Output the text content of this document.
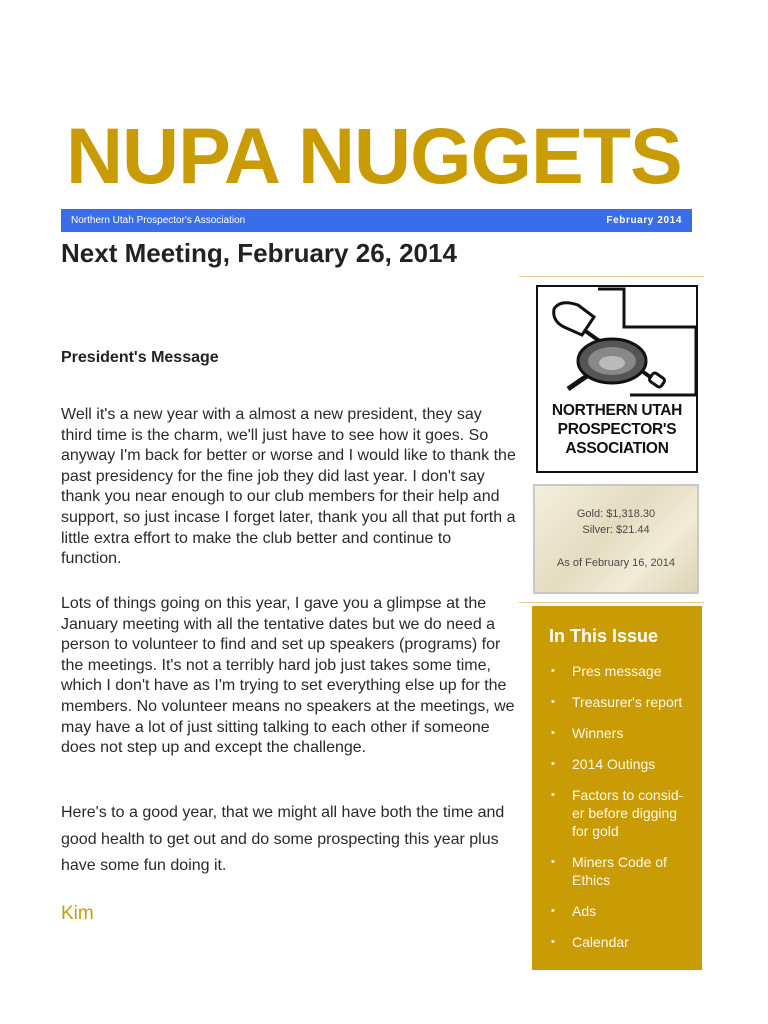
NUPA NUGGETS
Northern Utah Prospector's Association	February 2014
Next Meeting, February 26, 2014
President's Message

Well it's a new year with a almost a new president, they say third time is the charm, we'll just have to see how it goes. So anyway I'm back for better or worse and I would like to thank the past presidency for the fine job they did last year. I don't say thank you near enough to our club members for their help and support, so just incase I forget later, thank you all that put forth a little extra effort to make the club better and continue to function.

Lots of things going on this year, I gave you a glimpse at the January meeting with all the tentative dates but we do need a person to volunteer to find and set up speakers (programs) for the meetings. It's not a terribly hard job just takes some time, which I don't have as I'm trying to set everything else up for the members. No volunteer means no speakers at the meetings, we may have a lot of just sitting talking to each other if someone does not step up and except the challenge.

Here's to a good year, that we might all have both the time and good health to get out and do some prospecting this year plus have some fun doing it.

Kim
NORTHERN UTAH
PROSPECTOR'S
ASSOCIATION
Gold: $1,318.30
Silver: $21.44
As of February 16, 2014
In This Issue
• Pres message
• Treasurer's report
• Winners
• 2014 Outings
• Factors to consid-er before digging for gold
• Miners Code of Ethics
• Ads
• Calendar
